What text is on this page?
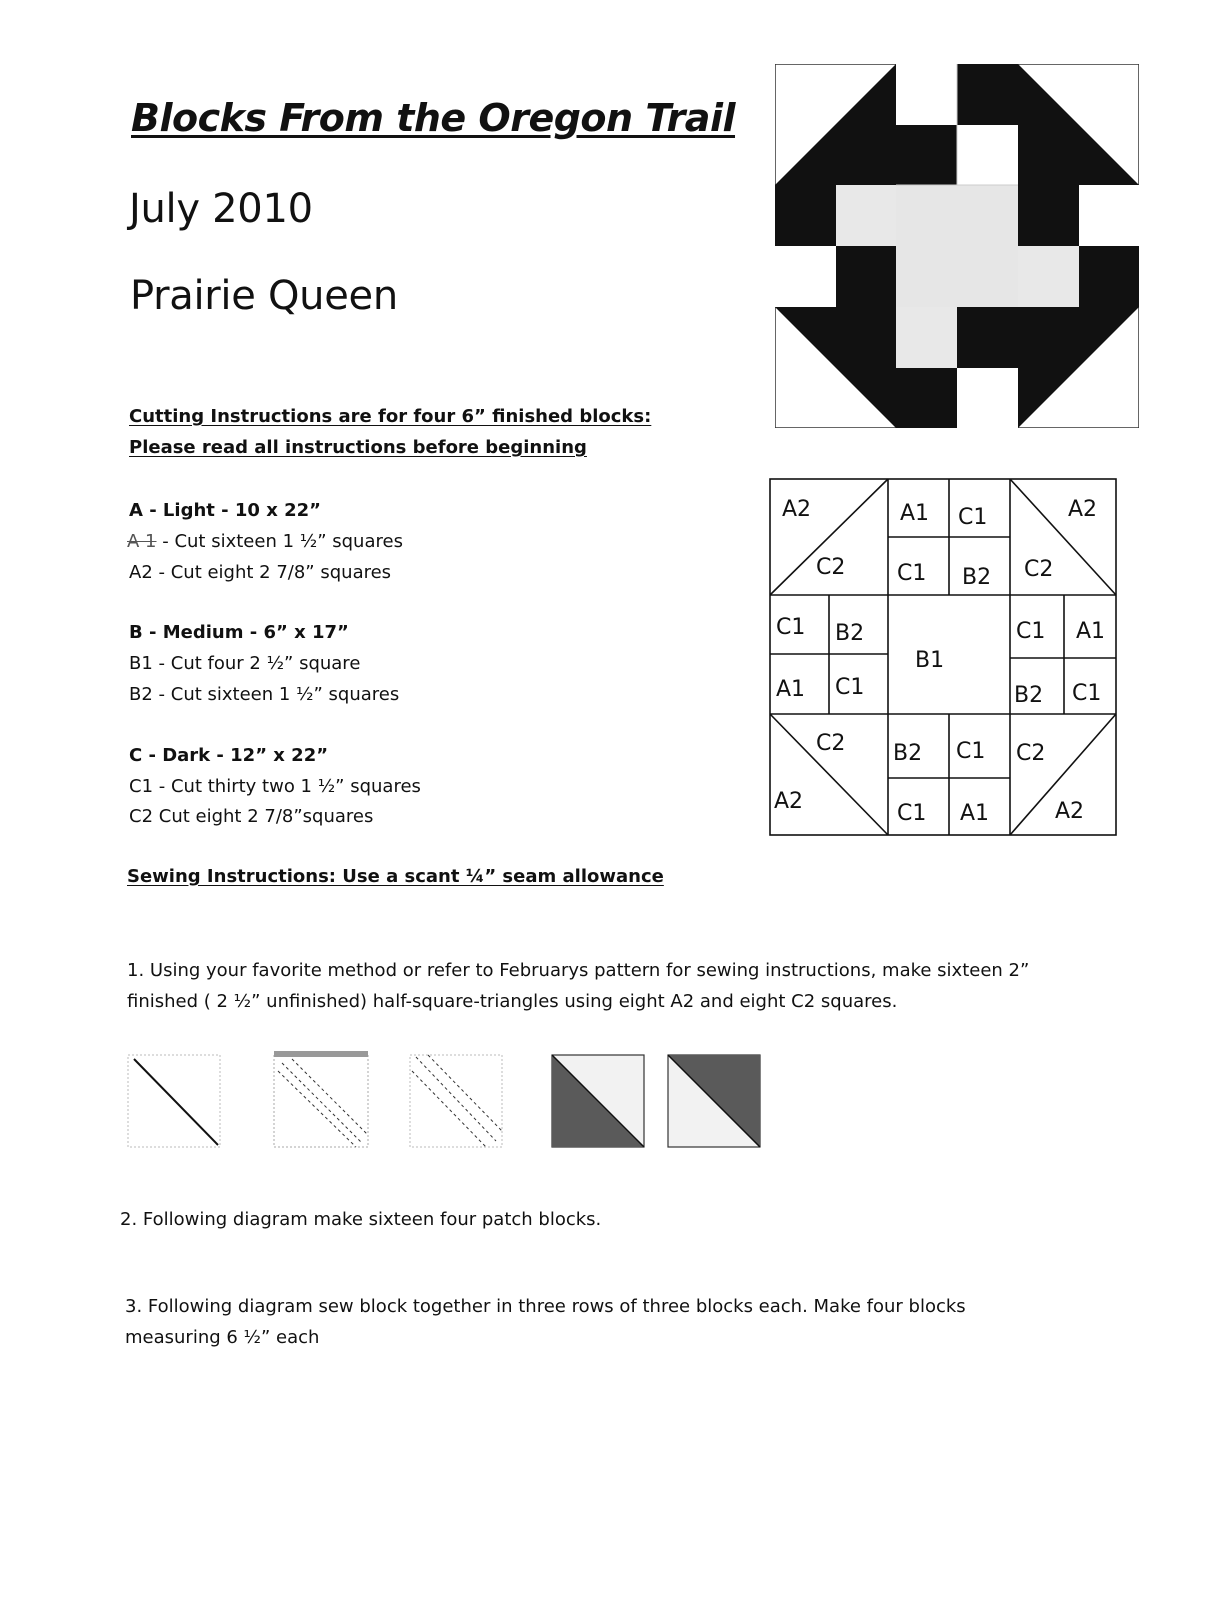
Blocks From the Oregon Trail
July 2010
Prairie Queen
A2
C2
A1 C1
C1 B2
A2
C2
C1 B2
A1 C1
B1
C1 A1
B2 C1
C2
A2
B2 C1
C1 A1
C2
A2
Cutting Instructions are for four 6” finished blocks:
Please read all instructions before beginning
A - Light - 10 x 22”
A 1 - Cut sixteen 1 ½” squares
A2 - Cut eight 2 7/8” squares
B - Medium - 6” x 17”
B1 - Cut four 2 ½” square
B2 - Cut sixteen 1 ½” squares
C - Dark - 12” x 22”
C1 - Cut thirty two 1 ½” squares
C2 Cut eight 2 7/8”squares
Sewing Instructions: Use a scant ¼” seam allowance
1. Using your favorite method or refer to Februarys pattern for sewing instructions, make sixteen 2” finished ( 2 ½” unfinished) half-square-triangles using eight A2 and eight C2 squares.
2. Following diagram make sixteen four patch blocks.
3. Following diagram sew block together in three rows of three blocks each. Make four blocks measuring 6 ½” each
